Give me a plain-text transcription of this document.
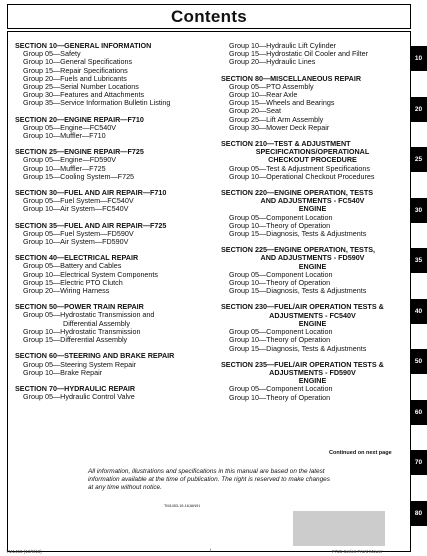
Contents
SECTION 10—GENERAL INFORMATION
Group 05—Safety
Group 10—General Specifications
Group 15—Repair Specifications
Group 20—Fuels and Lubricants
Group 25—Serial Number Locations
Group 30—Features and Attachments
Group 35—Service Information Bulletin Listing
SECTION 20—ENGINE REPAIR—F710
Group 05—Engine—FC540V
Group 10—Muffler—F710
SECTION 25—ENGINE REPAIR—F725
Group 05—Engine—FD590V
Group 10—Muffler—F725
Group 15—Cooling System—F725
SECTION 30—FUEL AND AIR REPAIR—F710
Group 05—Fuel System—FC540V
Group 10—Air System—FC540V
SECTION 35—FUEL AND AIR REPAIR—F725
Group 05—Fuel System—FD590V
Group 10—Air System—FD590V
SECTION 40—ELECTRICAL REPAIR
Group 05—Battery and Cables
Group 10—Electrical System Components
Group 15—Electric PTO Clutch
Group 20—Wiring Harness
SECTION 50—POWER TRAIN REPAIR
Group 05—Hydrostatic Transmission and
Differential Assembly
Group 10—Hydrostatic Transmission
Group 15—Differential Assembly
SECTION 60—STEERING AND BRAKE REPAIR
Group 05—Steering System Repair
Group 10—Brake Repair
SECTION 70—HYDRAULIC REPAIR
Group 05—Hydraulic Control Valve
Group 10—Hydraulic Lift Cylinder
Group 15—Hydrostatic Oil Cooler and Filter
Group 20—Hydraulic Lines
SECTION 80—MISCELLANEOUS REPAIR
Group 05—PTO Assembly
Group 10—Rear Axle
Group 15—Wheels and Bearings
Group 20—Seat
Group 25—Lift Arm Assembly
Group 30—Mower Deck Repair
SECTION 210—TEST & ADJUSTMENT
SPECIFICATIONS/OPERATIONAL
CHECKOUT PROCEDURE
Group 05—Test & Adjustment Specifications
Group 10—Operational Checkout Procedures
SECTION 220—ENGINE OPERATION, TESTS
AND ADJUSTMENTS - FC540V
ENGINE
Group 05—Component Location
Group 10—Theory of Operation
Group 15—Diagnosis, Tests & Adjustments
SECTION 225—ENGINE OPERATION, TESTS,
AND ADJUSTMENTS - FD590V
ENGINE
Group 05—Component Location
Group 10—Theory of Operation
Group 15—Diagnosis, Tests & Adjustments
SECTION 230—FUEL/AIR OPERATION TESTS &
ADJUSTMENTS - FC540V
ENGINE
Group 05—Component Location
Group 10—Theory of Operation
Group 15—Diagnosis, Tests & Adjustments
SECTION 235—FUEL/AIR OPERATION TESTS &
ADJUSTMENTS - FD590V
ENGINE
Group 05—Component Location
Group 10—Theory of Operation
Continued on next page
All information, illustrations and specifications in this manual are based on the latest information available at the time of publication. The right is reserved to make changes at any time without notice.
TM1453-19-16JAN91
10
20
25
30
35
40
50
60
70
80
TM1453 (10/9/18)	i	F725 Series Front Mower
